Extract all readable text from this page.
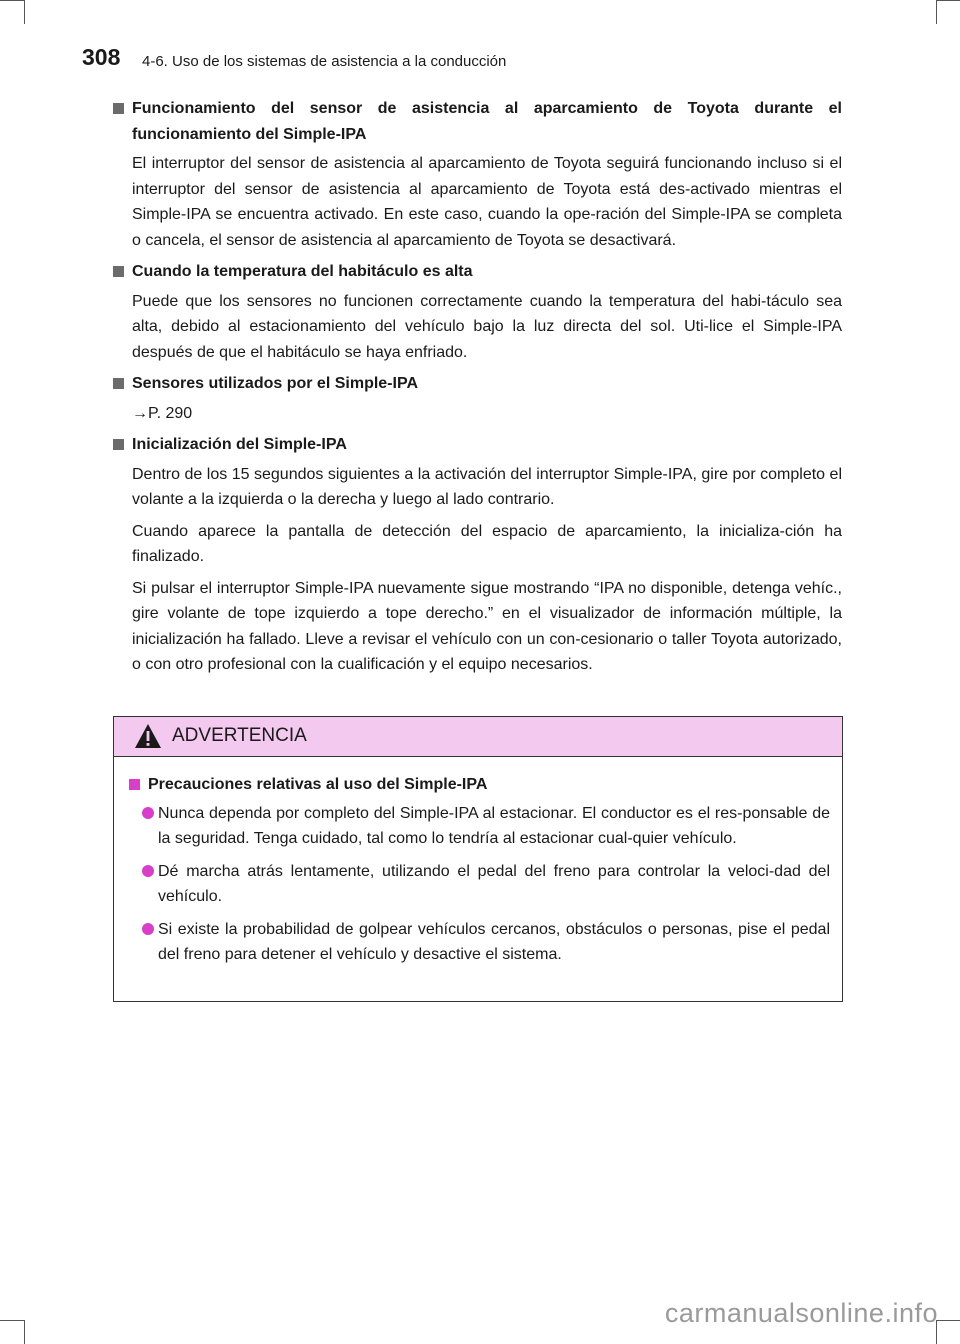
308 4-6. Uso de los sistemas de asistencia a la conducción
Funcionamiento del sensor de asistencia al aparcamiento de Toyota durante el funcionamiento del Simple-IPA
El interruptor del sensor de asistencia al aparcamiento de Toyota seguirá funcionando incluso si el interruptor del sensor de asistencia al aparcamiento de Toyota está des-activado mientras el Simple-IPA se encuentra activado. En este caso, cuando la ope-ración del Simple-IPA se completa o cancela, el sensor de asistencia al aparcamiento de Toyota se desactivará.
Cuando la temperatura del habitáculo es alta
Puede que los sensores no funcionen correctamente cuando la temperatura del habi-táculo sea alta, debido al estacionamiento del vehículo bajo la luz directa del sol. Uti-lice el Simple-IPA después de que el habitáculo se haya enfriado.
Sensores utilizados por el Simple-IPA
→P. 290
Inicialización del Simple-IPA
Dentro de los 15 segundos siguientes a la activación del interruptor Simple-IPA, gire por completo el volante a la izquierda o la derecha y luego al lado contrario.
Cuando aparece la pantalla de detección del espacio de aparcamiento, la inicializa-ción ha finalizado.
Si pulsar el interruptor Simple-IPA nuevamente sigue mostrando “IPA no disponible, detenga vehíc., gire volante de tope izquierdo a tope derecho.” en el visualizador de información múltiple, la inicialización ha fallado. Lleve a revisar el vehículo con un con-cesionario o taller Toyota autorizado, o con otro profesional con la cualificación y el equipo necesarios.
ADVERTENCIA
Precauciones relativas al uso del Simple-IPA
Nunca dependa por completo del Simple-IPA al estacionar. El conductor es el res-ponsable de la seguridad. Tenga cuidado, tal como lo tendría al estacionar cual-quier vehículo.
Dé marcha atrás lentamente, utilizando el pedal del freno para controlar la veloci-dad del vehículo.
Si existe la probabilidad de golpear vehículos cercanos, obstáculos o personas, pise el pedal del freno para detener el vehículo y desactive el sistema.
carmanualsonline.info
